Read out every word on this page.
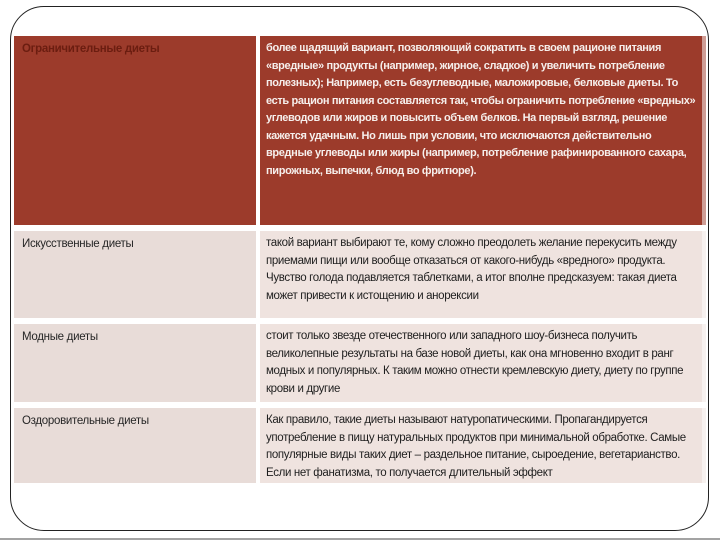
Ограничительные диеты	более щадящий вариант, позволяющий сократить в своем рационе питания «вредные» продукты (например, жирное, сладкое) и увеличить потребление полезных); Например, есть безуглеводные, маложировые, белковые диеты. То есть рацион питания составляется так, чтобы ограничить потребление «вредных» углеводов или жиров и повысить объем белков. На первый взгляд, решение кажется удачным. Но лишь при условии, что исключаются действительно вредные углеводы или жиры (например, потребление рафинированного сахара, пирожных, выпечки, блюд во фритюре).
Искусственные диеты	такой вариант выбирают те, кому сложно преодолеть желание перекусить между приемами пищи или вообще отказаться от какого-нибудь «вредного» продукта. Чувство голода подавляется таблетками, а итог вполне предсказуем: такая диета может привести к истощению и анорексии
Модные диеты	стоит только звезде отечественного или западного шоу-бизнеса получить великолепные результаты на базе новой диеты, как она мгновенно входит в ранг модных и популярных. К таким можно отнести кремлевскую диету, диету по группе крови и другие
Оздоровительные диеты	Как правило, такие диеты называют натуропатическими. Пропагандируется употребление в пищу натуральных продуктов при минимальной обработке. Самые популярные виды таких диет – раздельное питание, сыроедение, вегетарианство. Если нет фанатизма, то получается длительный эффект
